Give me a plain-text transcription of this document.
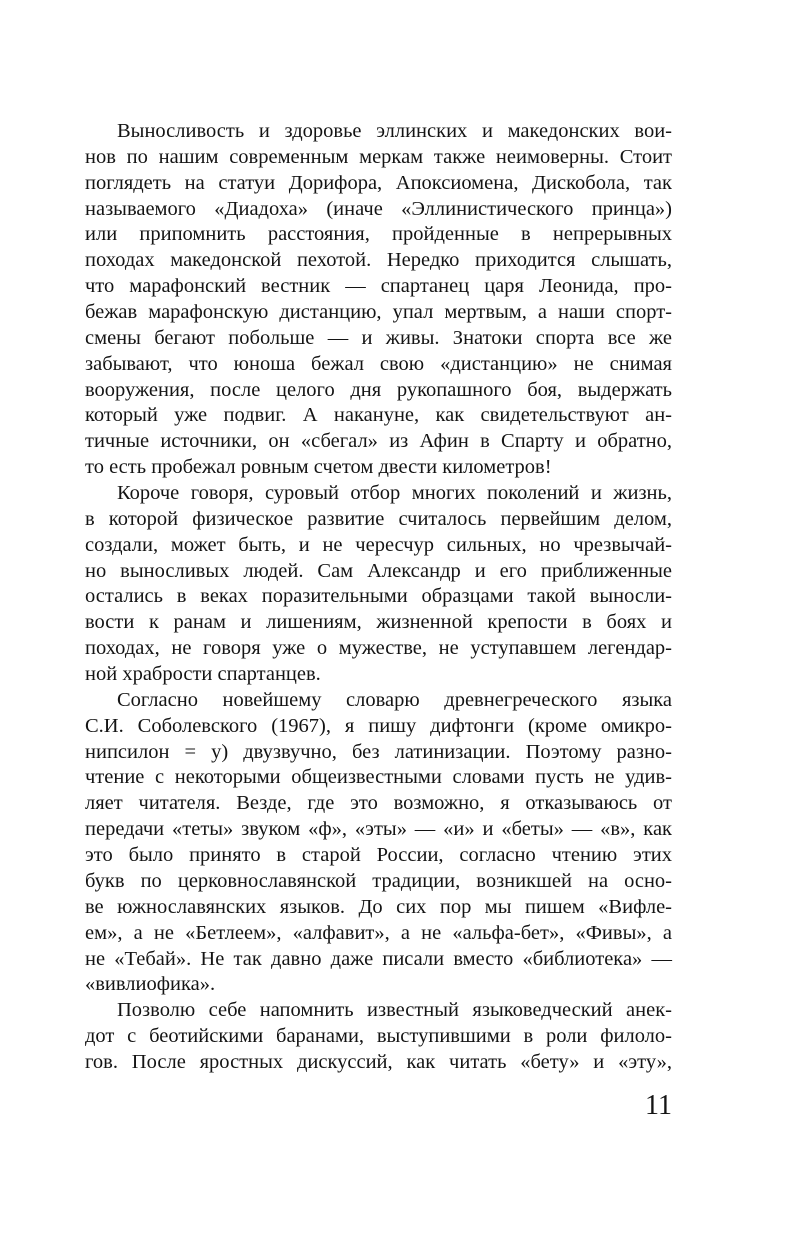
Выносливость и здоровье эллинских и македонских вои-
нов по нашим современным меркам также неимоверны. Стоит
поглядеть на статуи Дорифора, Апоксиомена, Дискобола, так
называемого «Диадоха» (иначе «Эллинистического принца»)
или припомнить расстояния, пройденные в непрерывных
походах македонской пехотой. Нередко приходится слышать,
что марафонский вестник — спартанец царя Леонида, про-
бежав марафонскую дистанцию, упал мертвым, а наши спорт-
смены бегают побольше — и живы. Знатоки спорта все же
забывают, что юноша бежал свою «дистанцию» не снимая
вооружения, после целого дня рукопашного боя, выдержать
который уже подвиг. А накануне, как свидетельствуют ан-
тичные источники, он «сбегал» из Афин в Спарту и обратно,
то есть пробежал ровным счетом двести километров!
Короче говоря, суровый отбор многих поколений и жизнь,
в которой физическое развитие считалось первейшим делом,
создали, может быть, и не чересчур сильных, но чрезвычай-
но выносливых людей. Сам Александр и его приближенные
остались в веках поразительными образцами такой выносли-
вости к ранам и лишениям, жизненной крепости в боях и
походах, не говоря уже о мужестве, не уступавшем легендар-
ной храбрости спартанцев.
Согласно новейшему словарю древнегреческого языка
С.И. Соболевского (1967), я пишу дифтонги (кроме омикро-
нипсилон = у) двузвучно, без латинизации. Поэтому разно-
чтение с некоторыми общеизвестными словами пусть не удив-
ляет читателя. Везде, где это возможно, я отказываюсь от
передачи «теты» звуком «ф», «эты» — «и» и «беты» — «в», как
это было принято в старой России, согласно чтению этих
букв по церковнославянской традиции, возникшей на осно-
ве южнославянских языков. До сих пор мы пишем «Вифле-
ем», а не «Бетлеем», «алфавит», а не «альфа-бет», «Фивы», а
не «Тебай». Не так давно даже писали вместо «библиотека» —
«вивлиофика».
Позволю себе напомнить известный языковедческий анек-
дот с беотийскими баранами, выступившими в роли филоло-
гов. После яростных дискуссий, как читать «бету» и «эту»,
11
